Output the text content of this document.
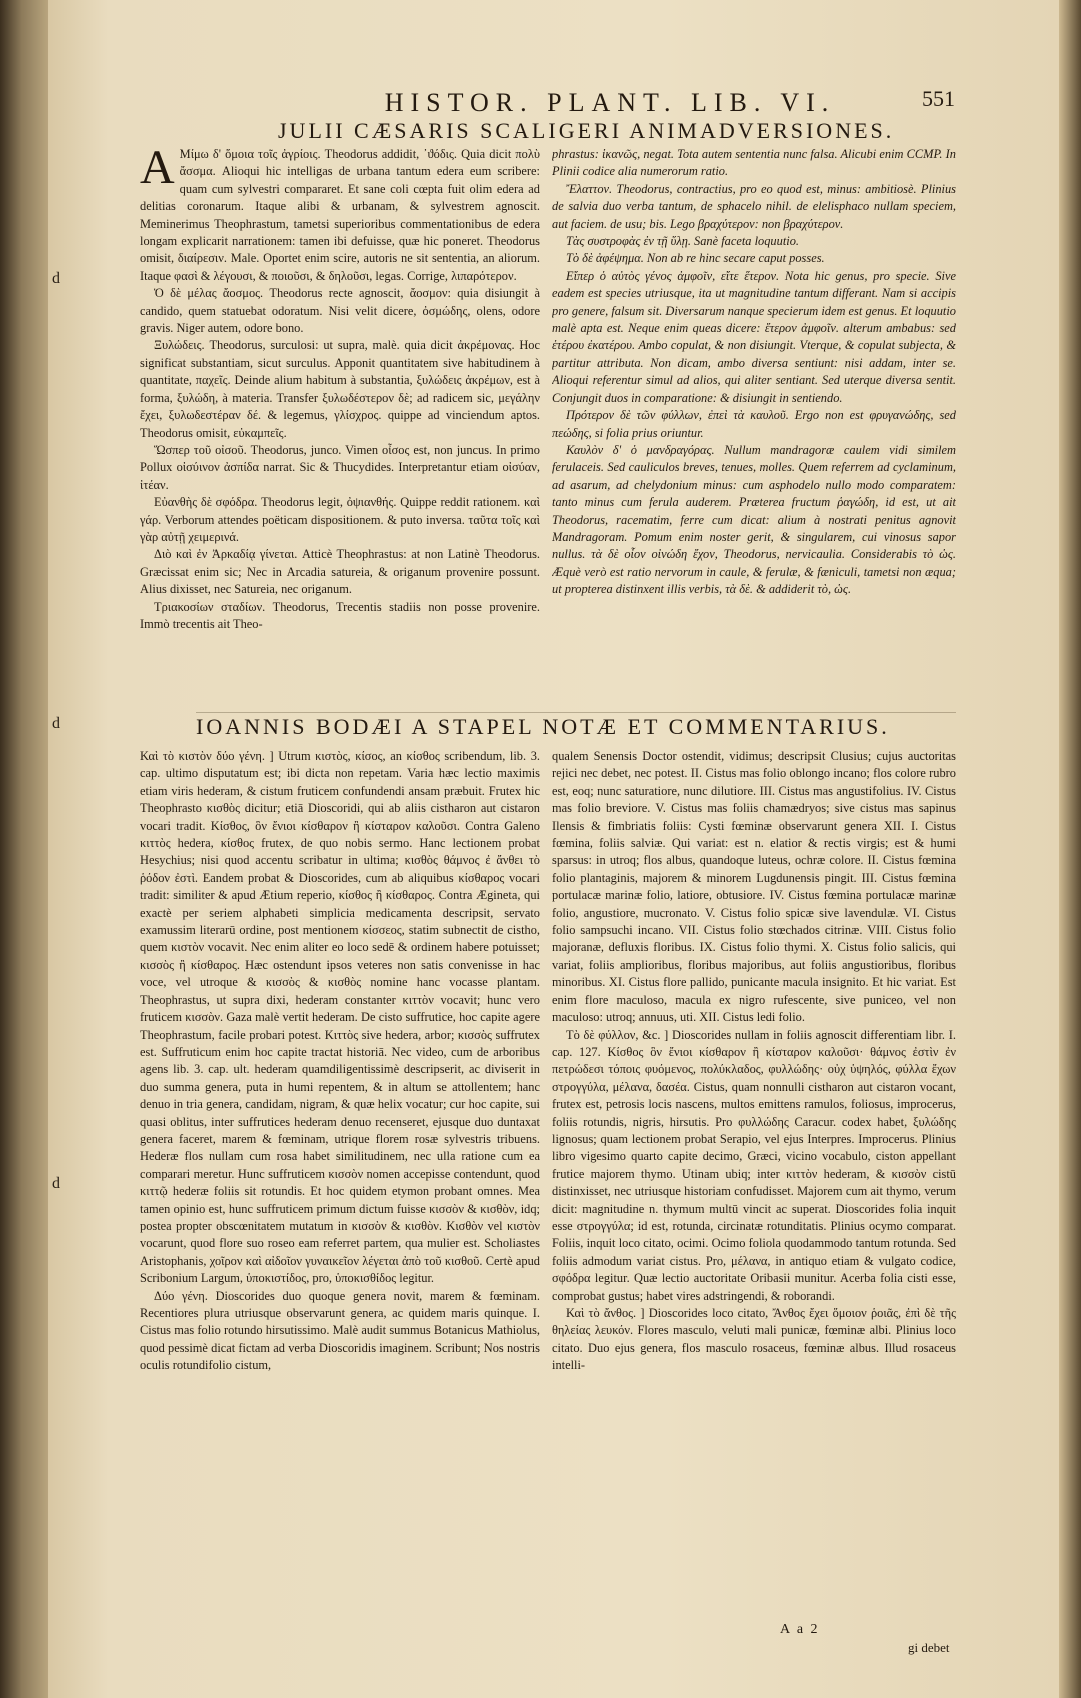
d
d
d
HISTOR. PLANT. LIB. VI.	551
JULII CÆSARIS SCALIGERI ANIMADVERSIONES.

A Μίμω δ' ὅμοια τοῖς ἀγρίοις. Theodorus addidit, ᾿ϑόδις. Quia dicit πολὺ ἄσσμα. Alioqui hic intelligas de urbana tantum edera eum scribere: quam cum sylvestri compararet. Et sane coli cœpta fuit olim edera ad delitias coronarum. Itaque alibi & urbanam, & sylvestrem agnoscit. Meminerimus Theophrastum, tametsi superioribus commentationibus de edera longam explicarit narrationem: tamen ibi defuisse, quæ hic poneret. Theodorus omisit, διαίρεσιν. Male. Oportet enim scire, autoris ne sit sententia, an aliorum. Itaque φασὶ & λέγουσι, & ποιοῦσι, & δηλοῦσι, legas. Corrige, λιπαρότερον.

Ὁ δὲ μέλας ἄοσμος. Theodorus recte agnoscit, ἄοσμον: quia disiungit à candido, quem statuebat odoratum. Nisi velit dicere, ὀσμώδης, olens, odore gravis. Niger autem, odore bono.

Ξυλώδεις. Theodorus, surculosi: ut supra, malè. quia dicit ἀκρέμονας. Hoc significat substantiam, sicut surculus. Apponit quantitatem sive habitudinem à quantitate, παχεῖς. Deinde alium habitum à substantia, ξυλώδεις ἀκρέμων, est à forma, ξυλώδη, à materia. Transfer ξυλωδέστερον δὲ; ad radicem sic, μεγάλην ἔχει, ξυλωδεστέραν δέ. & legemus, γλίσχρος. quippe ad vinciendum aptos. Theodorus omisit, εὐκαμπεῖς.

Ὥσπερ τοῦ οἰσοῦ. Theodorus, junco. Vimen οἶσος est, non juncus. In primo Pollux οἰσύινον ἀσπίδα narrat. Sic & Thucydides. Interpretantur etiam οἰσύαν, ἰτέαν.

Εὐανθὴς δὲ σφόδρα. Theodorus legit, ὀψιανθής. Quippe reddit rationem. καὶ γάρ. Verborum attendes poëticam dispositionem. & puto inversa. ταῦτα τοῖς καὶ γὰρ αὐτῇ χειμερινά.

Διὸ καὶ ἐν Ἀρκαδίᾳ γίνεται. Atticè Theophrastus: at non Latinè Theodorus. Græcissat enim sic; Nec in Arcadia satureia, & origanum provenire possunt. Alius dixisset, nec Satureia, nec origanum.

Τριακοσίων σταδίων. Theodorus, Trecentis stadiis non posse provenire. Immò trecentis ait Theo-

phrastus: ἱκανῶς, negat. Tota autem sententia nunc falsa. Alicubi enim CCMP. In Plinii codice alia numerorum ratio.

Ἔλαττον. Theodorus, contractius, pro eo quod est, minus: ambitiosè. Plinius de salvia duo verba tantum, de sphacelo nihil. de elelisphaco nullam speciem, aut faciem. de usu; bis. Lego βραχύτερον: non βραχύτερον.

Τὰς συστροφὰς ἐν τῇ ὕλῃ. Sanè faceta loquutio.

Τὸ δὲ ἀφέψημα. Non ab re hinc secare caput posses.

Εἴπερ ὁ αὐτὸς γένος ἀμφοῖν, εἴτε ἕτερον. Nota hic genus, pro specie. Sive eadem est species utriusque, ita ut magnitudine tantum differant. Nam si accipis pro genere, falsum sit. Diversarum nanque specierum idem est genus. Et loquutio malè apta est. Neque enim queas dicere: ἕτερον ἀμφοῖν. alterum ambabus: sed ἑτέρου ἐκατέρου. Ambo copulat, & non disiungit. Vterque, & copulat subjecta, & partitur attributa. Non dicam, ambo diversa sentiunt: nisi addam, inter se. Alioqui referentur simul ad alios, qui aliter sentiant. Sed uterque diversa sentit. Conjungit duos in comparatione: & disiungit in sentiendo.

Πρότερον δὲ τῶν φύλλων, ἐπεὶ τὰ καυλοῦ. Ergo non est φρυγανώδης, sed πεώδης, si folia prius oriuntur.

Καυλὸν δ' ὁ μανδραγόρας. Nullum mandragoræ caulem vidi similem ferulaceis. Sed cauliculos breves, tenues, molles. Quem referrem ad cyclaminum, ad asarum, ad chelydonium minus: cum asphodelo nullo modo comparatem: tanto minus cum ferula auderem. Præterea fructum ῥαγώδη, id est, ut ait Theodorus, racematim, ferre cum dicat: alium à nostrati penitus agnovit Mandragoram. Pomum enim noster gerit, & singularem, cui vinosus sapor nullus. τὰ δὲ οἶον οἰνώδη ἔχον, Theodorus, nervicaulia. Considerabis τὸ ὡς. Æquè verò est ratio nervorum in caule, & ferulæ, & fæniculi, tametsi non æqua; ut propterea distinxent illis verbis, τὰ δὲ. & addiderit τὸ, ὡς.

IOANNIS BODÆI A STAPEL NOTÆ ET COMMENTARIUS.

Καὶ τὸ κιστὸν δύο γένη. ] Utrum κιστὸς, κίσος, an κίσθος scribendum, lib. 3. cap. ultimo disputatum est; ibi dicta non repetam. Varia hæc lectio maximis etiam viris hederam, & cistum fruticem confundendi ansam præbuit. Frutex hic Theophrasto κισθὸς dicitur; etiā Dioscoridi, qui ab aliis cistharon aut cistaron vocari tradit. Κίσθος, ὃν ἔνιοι κίσθαρον ἢ κίσταρον καλοῦσι. Contra Galeno κιττὸς hedera, κίσθος frutex, de quo nobis sermo. Hanc lectionem probat Hesychius; nisi quod accentu scribatur in ultima; κισθὸς θάμνος ἐ ἄνθει τὸ ῥόδον ἐστὶ. Eandem probat & Dioscorides, cum ab aliquibus κίσθαρος vocari tradit: similiter & apud Ætium reperio, κίσθος ἢ κίσθαρος. Contra Ægineta, qui exactè per seriem alphabeti simplicia medicamenta descripsit, servato examussim literarū ordine, post mentionem κίσσεος, statim subnectit de cistho, quem κιστὸν vocavit. Nec enim aliter eo loco sedē & ordinem habere potuisset; κισσὸς ἢ κίσθαρος. Hæc ostendunt ipsos veteres non satis convenisse in hac voce, vel utroque & κισσὸς & κισθὸς nomine hanc vocasse plantam. Theophrastus, ut supra dixi, hederam constanter κιττὸν vocavit; hunc vero fruticem κισσὸν. Gaza malè vertit hederam. De cisto suffrutice, hoc capite agere Theophrastum, facile probari potest. Κιττὸς sive hedera, arbor; κισσὸς suffrutex est. Suffruticum enim hoc capite tractat historiā. Nec video, cum de arboribus agens lib. 3. cap. ult. hederam quamdiligentissimè descripserit, ac diviserit in duo summa genera, puta in humi repentem, & in altum se attollentem; hanc denuo in tria genera, candidam, nigram, & quæ helix vocatur; cur hoc capite, sui quasi oblitus, inter suffrutices hederam denuo recenseret, ejusque duo duntaxat genera faceret, marem & fœminam, utrique florem rosæ sylvestris tribuens. Hederæ flos nullam cum rosa habet similitudinem, nec ulla ratione cum ea comparari meretur. Hunc suffruticem κισσὸν nomen accepisse contendunt, quod κιττῷ hederæ foliis sit rotundis. Et hoc quidem etymon probant omnes. Mea tamen opinio est, hunc suffruticem primum dictum fuisse κισσὸν & κισθὸν, idq; postea propter obscœnitatem mutatum in κισσὸν & κισθὸν. Κισθὸν vel κιστὸν vocarunt, quod flore suo roseo eam referret partem, qua mulier est. Scholiastes Aristophanis, χοῖρον καὶ αἰδοῖον γυναικεῖον λέγεται ἀπὸ τοῦ κισθοῦ. Certè apud Scribonium Largum, ὑποκιστίδος, pro, ὑποκισθίδος legitur.

Δύο γένη. Dioscorides duo quoque genera novit, marem & fœminam. Recentiores plura utriusque observarunt genera, ac quidem maris quinque. I. Cistus mas folio rotundo hirsutissimo. Malè audit summus Botanicus Mathiolus, quod pessimè dicat fictam ad verba Dioscoridis imaginem. Scribunt; Nos nostris oculis rotundifolio cistum,

qualem Senensis Doctor ostendit, vidimus; descripsit Clusius; cujus auctoritas rejici nec debet, nec potest. II. Cistus mas folio oblongo incano; flos colore rubro est, eoq; nunc saturatiore, nunc dilutiore. III. Cistus mas angustifolius. IV. Cistus mas folio breviore. V. Cistus mas foliis chamædryos; sive cistus mas sapinus Ilensis & fimbriatis foliis: Cysti fœminæ observarunt genera XII. I. Cistus fœmina, foliis salviæ. Qui variat: est n. elatior & rectis virgis; est & humi sparsus: in utroq; flos albus, quandoque luteus, ochræ colore. II. Cistus fœmina folio plantaginis, majorem & minorem Lugdunensis pingit. III. Cistus fœmina portulacæ marinæ folio, latiore, obtusiore. IV. Cistus fœmina portulacæ marinæ folio, angustiore, mucronato. V. Cistus folio spicæ sive lavendulæ. VI. Cistus folio sampsuchi incano. VII. Cistus folio stœchados citrinæ. VIII. Cistus folio majoranæ, defluxis floribus. IX. Cistus folio thymi. X. Cistus folio salicis, qui variat, foliis amplioribus, floribus majoribus, aut foliis angustioribus, floribus minoribus. XI. Cistus flore pallido, punicante macula insignito. Et hic variat. Est enim flore maculoso, macula ex nigro rufescente, sive puniceo, vel non maculoso: utroq; annuus, uti. XII. Cistus ledi folio.

Τὸ δὲ φύλλον, &c. ] Dioscorides nullam in foliis agnoscit differentiam libr. I. cap. 127. Κίσθος ὃν ἔνιοι κίσθαρον ἢ κίσταρον καλοῦσι· θάμνος ἐστὶν ἐν πετρώδεσι τόποις φυόμενος, πολύκλαδος, φυλλώδης· οὐχ ὑψηλός, φύλλα ἔχων στρογγύλα, μέλανα, δασέα. Cistus, quam nonnulli cistharon aut cistaron vocant, frutex est, petrosis locis nascens, multos emittens ramulos, foliosus, improcerus, foliis rotundis, nigris, hirsutis. Pro φυλλώδης Caracur. codex habet, ξυλώδης lignosus; quam lectionem probat Serapio, vel ejus Interpres. Improcerus. Plinius libro vigesimo quarto capite decimo, Græci, vicino vocabulo, ciston appellant frutice majorem thymo. Utinam ubiq; inter κιττὸν hederam, & κισσὸν cistū distinxisset, nec utriusque historiam confudisset. Majorem cum ait thymo, verum dicit: magnitudine n. thymum multū vincit ac superat. Dioscorides folia inquit esse στρογγύλα; id est, rotunda, circinatæ rotunditatis. Plinius ocymo comparat. Foliis, inquit loco citato, ocimi. Ocimo foliola quodammodo tantum rotunda. Sed foliis admodum variat cistus. Pro, μέλανα, in antiquo etiam & vulgato codice, σφόδρα legitur. Quæ lectio auctoritate Oribasii munitur. Acerba folia cisti esse, comprobat gustus; habet vires adstringendi, & roborandi.

Καὶ τὸ ἄνθος. ] Dioscorides loco citato, Ἄνθος ἔχει ὅμοιον ῥοιᾶς, ἐπὶ δὲ τῆς θηλείας λευκόν. Flores masculo, veluti mali punicæ, fœminæ albi. Plinius loco citato. Duo ejus genera, flos masculo rosaceus, fœminæ albus. Illud rosaceus intelli-

A a 2
gi debet
